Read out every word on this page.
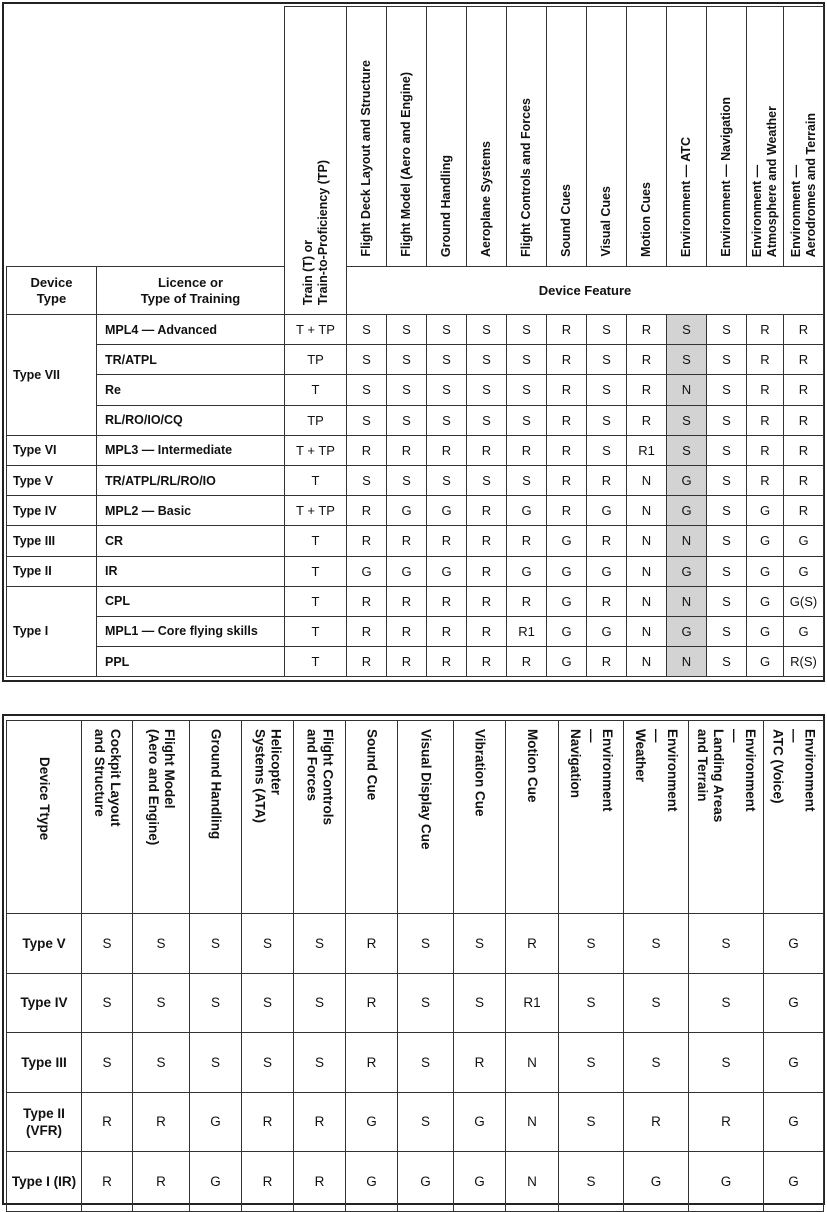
		Train (T) or
Train-to-Proficiency (TP)	Flight Deck Layout and Structure	Flight Model (Aero and Engine)	Ground Handling	Aeroplane Systems	Flight Controls and Forces	Sound Cues	Visual Cues	Motion Cues	Environment — ATC	Environment — Navigation	Environment —
Atmosphere and Weather	Environment —
Aerodromes and Terrain
Device
Type	Licence or
Type of Training		Device Feature											
Type VII	MPL4 — Advanced	T + TP	S	S	S	S	S	R	S	R	S	S	R	R
	TR/ATPL	TP	S	S	S	S	S	R	S	R	S	S	R	R
	Re	T	S	S	S	S	S	R	S	R	N	S	R	R
	RL/RO/IO/CQ	TP	S	S	S	S	S	R	S	R	S	S	R	R
Type VI	MPL3 — Intermediate	T + TP	R	R	R	R	R	R	S	R1	S	S	R	R
Type V	TR/ATPL/RL/RO/IO	T	S	S	S	S	S	R	R	N	G	S	R	R
Type IV	MPL2 — Basic	T + TP	R	G	G	R	G	R	G	N	G	S	G	R
Type III	CR	T	R	R	R	R	R	G	R	N	N	S	G	G
Type II	IR	T	G	G	G	R	G	G	G	N	G	S	G	G
Type I	CPL	T	R	R	R	R	R	G	R	N	N	S	G	G(S)
	MPL1 — Core flying skills	T	R	R	R	R	R1	G	G	N	G	S	G	G
	PPL	T	R	R	R	R	R	G	R	N	N	S	G	R(S)
Device Ttype	Cockpit Layout
and Structure	Flight Model
(Aero and Engine)	Ground Handling	Helicopter
Systems (ATA)	Flight Controls
and Forces	Sound Cue	Visual Display Cue	Vibration Cue	Motion Cue	Environment
—
Navigation	Environment
—
Weather	Environment
—
Landing Areas
and Terrain	Environment
—
ATC (Voice)
Type V	S	S	S	S	S	R	S	S	R	S	S	S	G
Type IV	S	S	S	S	S	R	S	S	R1	S	S	S	G
Type III	S	S	S	S	S	R	S	R	N	S	S	S	G
Type II
(VFR)	R	R	G	R	R	G	S	G	N	S	R	R	G
Type I (IR)	R	R	G	R	R	G	G	G	N	S	G	G	G
